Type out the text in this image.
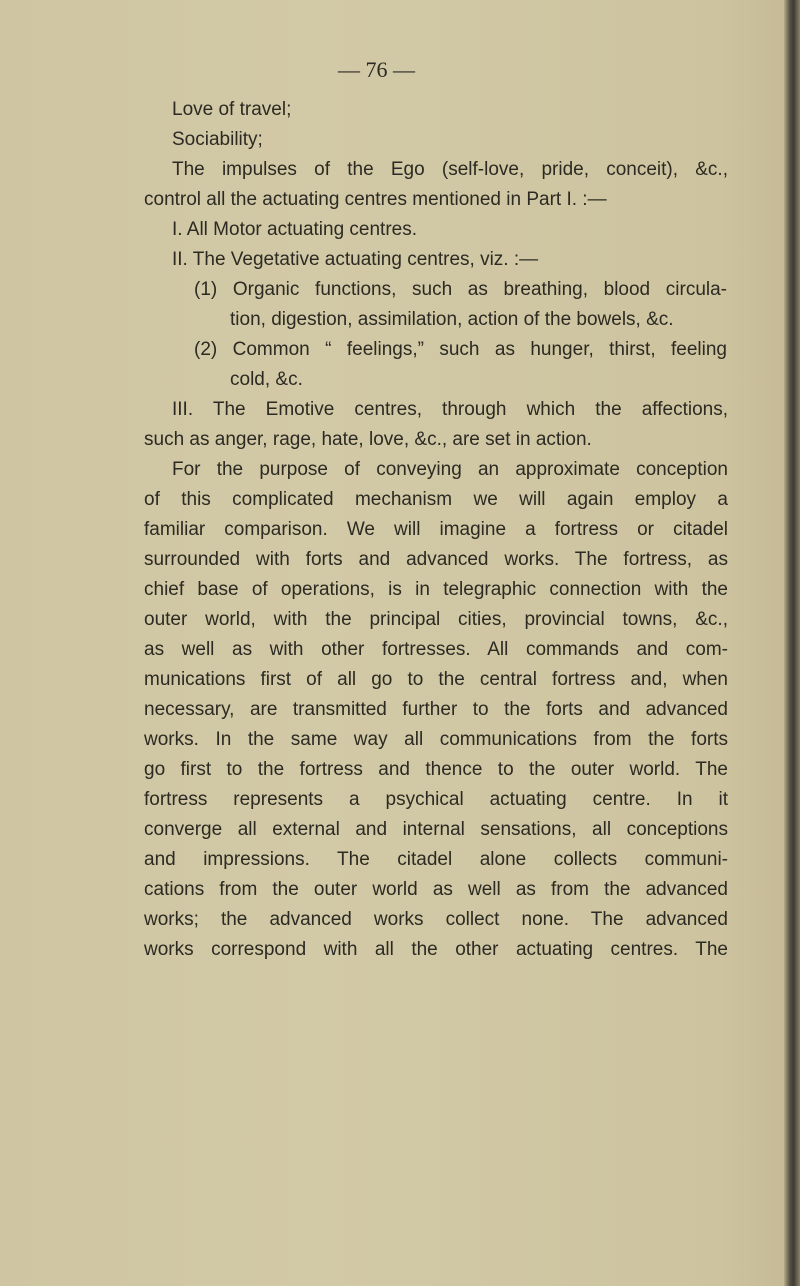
— 76 —
Love of travel;
Sociability;
The impulses of the Ego (self-love, pride, conceit), &c.,
control all the actuating centres mentioned in Part I. :—
I. All Motor actuating centres.
II. The Vegetative actuating centres, viz. :—
(1) Organic functions, such as breathing, blood circula-
tion, digestion, assimilation, action of the bowels, &c.
(2) Common “ feelings,” such as hunger, thirst, feeling
cold, &c.
III. The Emotive centres, through which the affections,
such as anger, rage, hate, love, &c., are set in action.
For the purpose of conveying an approximate conception
of this complicated mechanism we will again employ a
familiar comparison. We will imagine a fortress or citadel
surrounded with forts and advanced works. The fortress, as
chief base of operations, is in telegraphic connection with the
outer world, with the principal cities, provincial towns, &c.,
as well as with other fortresses. All commands and com-
munications first of all go to the central fortress and, when
necessary, are transmitted further to the forts and advanced
works. In the same way all communications from the forts
go first to the fortress and thence to the outer world. The
fortress represents a psychical actuating centre. In it
converge all external and internal sensations, all conceptions
and impressions. The citadel alone collects communi-
cations from the outer world as well as from the advanced
works; the advanced works collect none. The advanced
works correspond with all the other actuating centres. The
